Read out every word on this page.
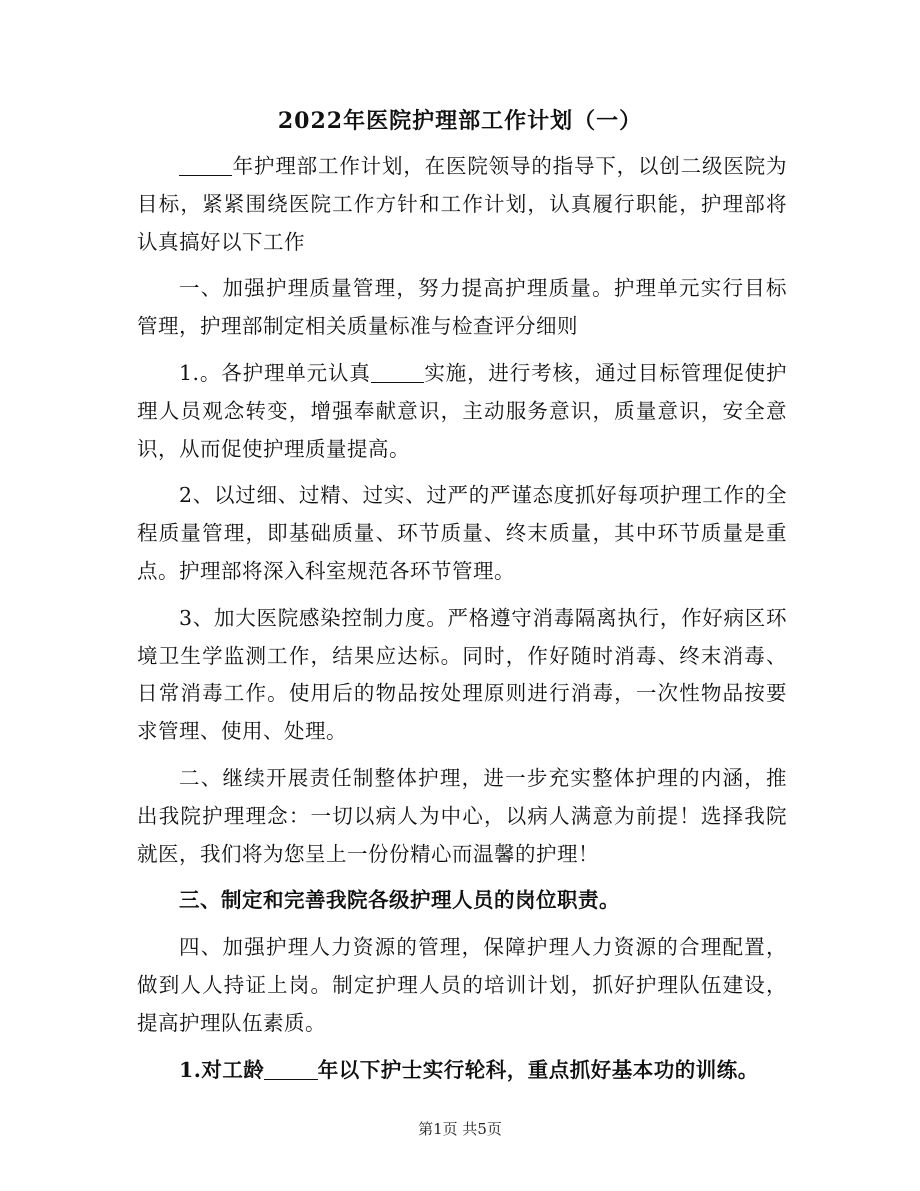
2022年医院护理部工作计划（一）

年护理部工作计划，在医院领导的指导下，以创二级医院为目标，紧紧围绕医院工作方针和工作计划，认真履行职能，护理部将认真搞好以下工作

一、加强护理质量管理，努力提高护理质量。护理单元实行目标管理，护理部制定相关质量标准与检查评分细则

1.。各护理单元认真	实施，进行考核，通过目标管理促使护理人员观念转变，增强奉献意识，主动服务意识，质量意识，安全意识，从而促使护理质量提高。

2、以过细、过精、过实、过严的严谨态度抓好每项护理工作的全程质量管理，即基础质量、环节质量、终末质量，其中环节质量是重点。护理部将深入科室规范各环节管理。

3、加大医院感染控制力度。严格遵守消毒隔离执行，作好病区环境卫生学监测工作，结果应达标。同时，作好随时消毒、终末消毒、日常消毒工作。使用后的物品按处理原则进行消毒，一次性物品按要求管理、使用、处理。

二、继续开展责任制整体护理，进一步充实整体护理的内涵，推出我院护理理念：一切以病人为中心，以病人满意为前提！选择我院就医，我们将为您呈上一份份精心而温馨的护理！

三、制定和完善我院各级护理人员的岗位职责。

四、加强护理人力资源的管理，保障护理人力资源的合理配置，做到人人持证上岗。制定护理人员的培训计划，抓好护理队伍建设，提高护理队伍素质。

1.对工龄	年以下护士实行轮科，重点抓好基本功的训练。

第1页 共5页
